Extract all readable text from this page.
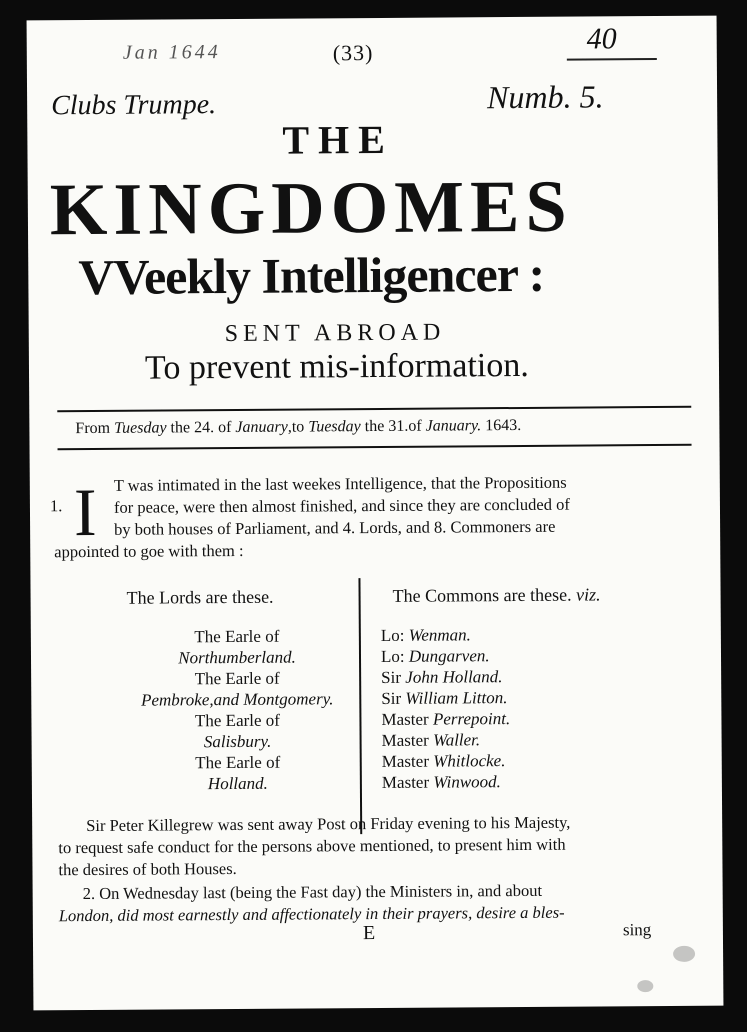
Jan 1644	(33)	40
Clubs Trumpe.	Numb. 5.
THE
KINGDOMES
VVeekly Intelligencer :
SENT ABROAD
To prevent mis-information.
From Tuesday the 24. of January,to Tuesday the 31.of January. 1643.
1. I T was intimated in the last weekes Intelligence, that the Propositions
for peace, were then almost finished, and since they are concluded of
by both houses of Parliament, and 4. Lords, and 8. Commoners are
appointed to goe with them :
The Lords are these.	The Commons are these. viz.
The Earle of
Northumberland.
The Earle of
Pembroke,and Montgomery.
The Earle of
Salisbury.
The Earle of
Holland.
Lo: Wenman.
Lo: Dungarven.
Sir John Holland.
Sir William Litton.
Master Perrepoint.
Master Waller.
Master Whitlocke.
Master Winwood.
Sir Peter Killegrew was sent away Post on Friday evening to his Majesty,
to request safe conduct for the persons above mentioned, to present him with
the desires of both Houses.
2. On Wednesday last (being the Fast day) the Ministers in, and about
London, did most earnestly and affectionately in their prayers, desire a bles-
E	sing
